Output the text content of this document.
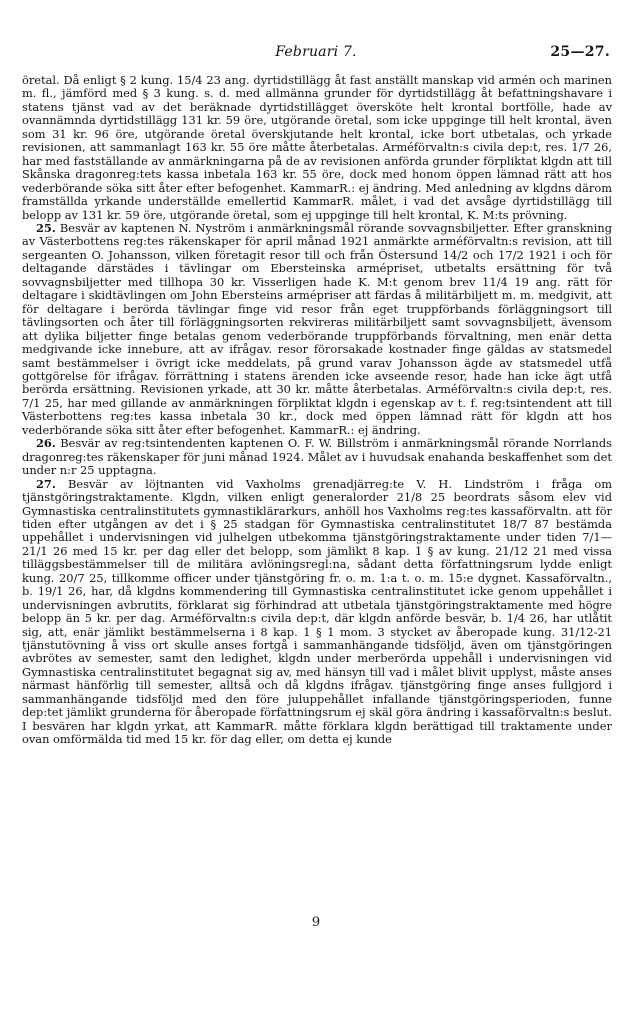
Februari 7.	25—27.

öretal. Då enligt § 2 kung. 15/4 23 ang. dyrtidstillägg åt fast anställt manskap vid armén och marinen m. fl., jämförd med § 3 kung. s. d. med allmänna grunder för dyrtidstillägg åt befattningshavare i statens tjänst vad av det beräknade dyrtidstillägget översköte helt krontal bortfölle, hade av ovannämnda dyrtidstillägg 131 kr. 59 öre, utgörande öretal, som icke uppginge till helt krontal, även som 31 kr. 96 öre, utgörande öretal överskjutande helt krontal, icke bort utbetalas, och yrkade revisionen, att sammanlagt 163 kr. 55 öre måtte återbetalas. Arméförvaltn:s civila dep:t, res. 1/7 26, har med fastställande av anmärkningarna på de av revisionen anförda grunder förpliktat klgdn att till Skånska dragonreg:tets kassa inbetala 163 kr. 55 öre, dock med honom öppen lämnad rätt att hos vederbörande söka sitt åter efter befogenhet. KammarR.: ej ändring. Med anledning av klgdns därom framställda yrkande underställde emellertid KammarR. målet, i vad det avsåge dyrtidstillägg till belopp av 131 kr. 59 öre, utgörande öretal, som ej uppginge till helt krontal, K. M:ts prövning.

25. Besvär av kaptenen N. Nyström i anmärkningsmål rörande sovvagnsbiljetter. Efter granskning av Västerbottens reg:tes räkenskaper för april månad 1921 anmärkte arméförvaltn:s revision, att till sergeanten O. Johansson, vilken företagit resor till och från Östersund 14/2 och 17/2 1921 i och för deltagande därstädes i tävlingar om Ebersteinska armépriset, utbetalts ersättning för två sovvagnsbiljetter med tillhopa 30 kr. Visserligen hade K. M:t genom brev 11/4 19 ang. rätt för deltagare i skidtävlingen om John Ebersteins armépriser att färdas å militärbiljett m. m. medgivit, att för deltagare i berörda tävlingar finge vid resor från eget truppförbands förläggningsort till tävlingsorten och åter till förläggningsorten rekvireras militärbiljett samt sovvagnsbiljett, ävensom att dylika biljetter finge betalas genom vederbörande truppförbands förvaltning, men enär detta medgivande icke innebure, att av ifrågav. resor förorsakade kostnader finge gäldas av statsmedel samt bestämmelser i övrigt icke meddelats, på grund varav Johansson ägde av statsmedel utfå gottgörelse för ifrågav. förrättning i statens ärenden icke avseende resor, hade han icke ägt utfå berörda ersättning. Revisionen yrkade, att 30 kr. måtte återbetalas. Arméförvaltn:s civila dep:t, res. 7/1 25, har med gillande av anmärkningen förpliktat klgdn i egenskap av t. f. reg:tsintendent att till Västerbottens reg:tes kassa inbetala 30 kr., dock med öppen lämnad rätt för klgdn att hos vederbörande söka sitt åter efter befogenhet. KammarR.: ej ändring.

26. Besvär av reg:tsintendenten kaptenen O. F. W. Billström i anmärkningsmål rörande Norrlands dragonreg:tes räkenskaper för juni månad 1924. Målet av i huvudsak enahanda beskaffenhet som det under n:r 25 upptagna.

27. Besvär av löjtnanten vid Vaxholms grenadjärreg:te V. H. Lindström i fråga om tjänstgöringstraktamente. Klgdn, vilken enligt generalorder 21/8 25 beordrats såsom elev vid Gymnastiska centralinstitutets gymnastiklärarkurs, anhöll hos Vaxholms reg:tes kassaförvaltn. att för tiden efter utgången av det i § 25 stadgan för Gymnastiska centralinstitutet 18/7 87 bestämda uppehållet i undervisningen vid julhelgen utbekomma tjänstgöringstraktamente under tiden 7/1—21/1 26 med 15 kr. per dag eller det belopp, som jämlikt 8 kap. 1 § av kung. 21/12 21 med vissa tilläggsbestämmelser till de militära avlöningsregl:na, sådant detta författningsrum lydde enligt kung. 20/7 25, tillkomme officer under tjänstgöring fr. o. m. 1:a t. o. m. 15:e dygnet. Kassaförvaltn., b. 19/1 26, har, då klgdns kommendering till Gymnastiska centralinstitutet icke genom uppehållet i undervisningen avbrutits, förklarat sig förhindrad att utbetala tjänstgöringstraktamente med högre belopp än 5 kr. per dag. Arméförvaltn:s civila dep:t, där klgdn anförde besvär, b. 1/4 26, har utlåtit sig, att, enär jämlikt bestämmelserna i 8 kap. 1 § 1 mom. 3 stycket av åberopade kung. 31/12-21 tjänstutövning å viss ort skulle anses fortgå i sammanhängande tidsföljd, även om tjänstgöringen avbrötes av semester, samt den ledighet, klgdn under merberörda uppehåll i undervisningen vid Gymnastiska centralinstitutet begagnat sig av, med hänsyn till vad i målet blivit upplyst, måste anses närmast hänförlig till semester, alltså och då klgdns ifrågav. tjänstgöring finge anses fullgjord i sammanhängande tidsföljd med den före juluppehållet infallande tjänstgöringsperioden, funne dep:tet jämlikt grunderna för åberopade författningsrum ej skäl göra ändring i kassaförvaltn:s beslut. I besvären har klgdn yrkat, att KammarR. måtte förklara klgdn berättigad till traktamente under ovan omförmälda tid med 15 kr. för dag eller, om detta ej kunde

9
